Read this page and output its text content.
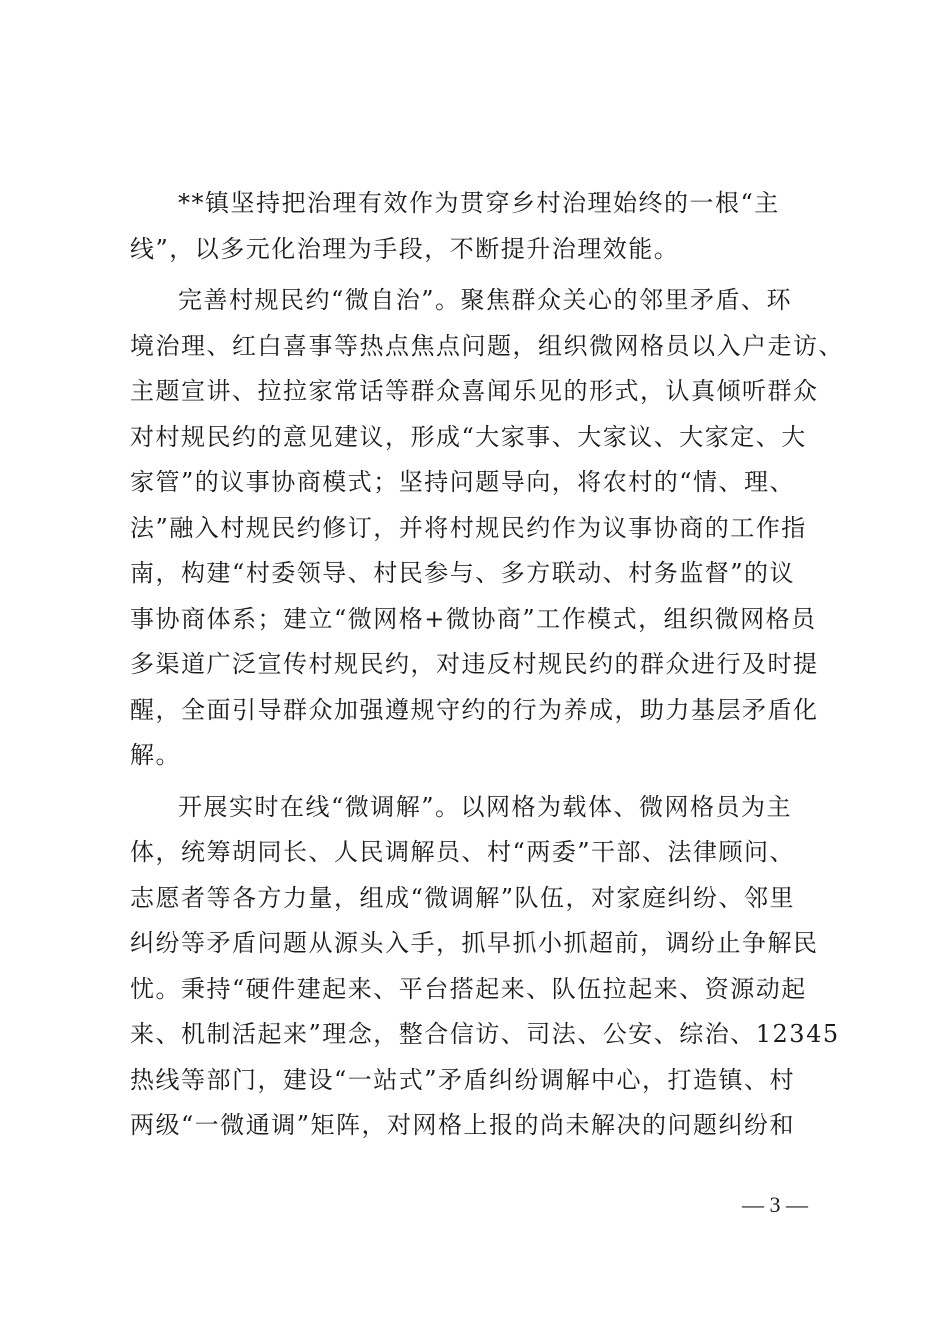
**镇坚持把治理有效作为贯穿乡村治理始终的一根“主
线”，以多元化治理为手段，不断提升治理效能。
完善村规民约“微自治”。聚焦群众关心的邻里矛盾、环
境治理、红白喜事等热点焦点问题，组织微网格员以入户走访、
主题宣讲、拉拉家常话等群众喜闻乐见的形式，认真倾听群众
对村规民约的意见建议，形成“大家事、大家议、大家定、大
家管”的议事协商模式；坚持问题导向，将农村的“情、理、
法”融入村规民约修订，并将村规民约作为议事协商的工作指
南，构建“村委领导、村民参与、多方联动、村务监督”的议
事协商体系；建立“微网格+微协商”工作模式，组织微网格员
多渠道广泛宣传村规民约，对违反村规民约的群众进行及时提
醒，全面引导群众加强遵规守约的行为养成，助力基层矛盾化
解。
开展实时在线“微调解”。以网格为载体、微网格员为主
体，统筹胡同长、人民调解员、村“两委”干部、法律顾问、
志愿者等各方力量，组成“微调解”队伍，对家庭纠纷、邻里
纠纷等矛盾问题从源头入手，抓早抓小抓超前，调纷止争解民
忧。秉持“硬件建起来、平台搭起来、队伍拉起来、资源动起
来、机制活起来”理念，整合信访、司法、公安、综治、12345
热线等部门，建设“一站式”矛盾纠纷调解中心，打造镇、村
两级“一微通调”矩阵，对网格上报的尚未解决的问题纠纷和
— 3 —
